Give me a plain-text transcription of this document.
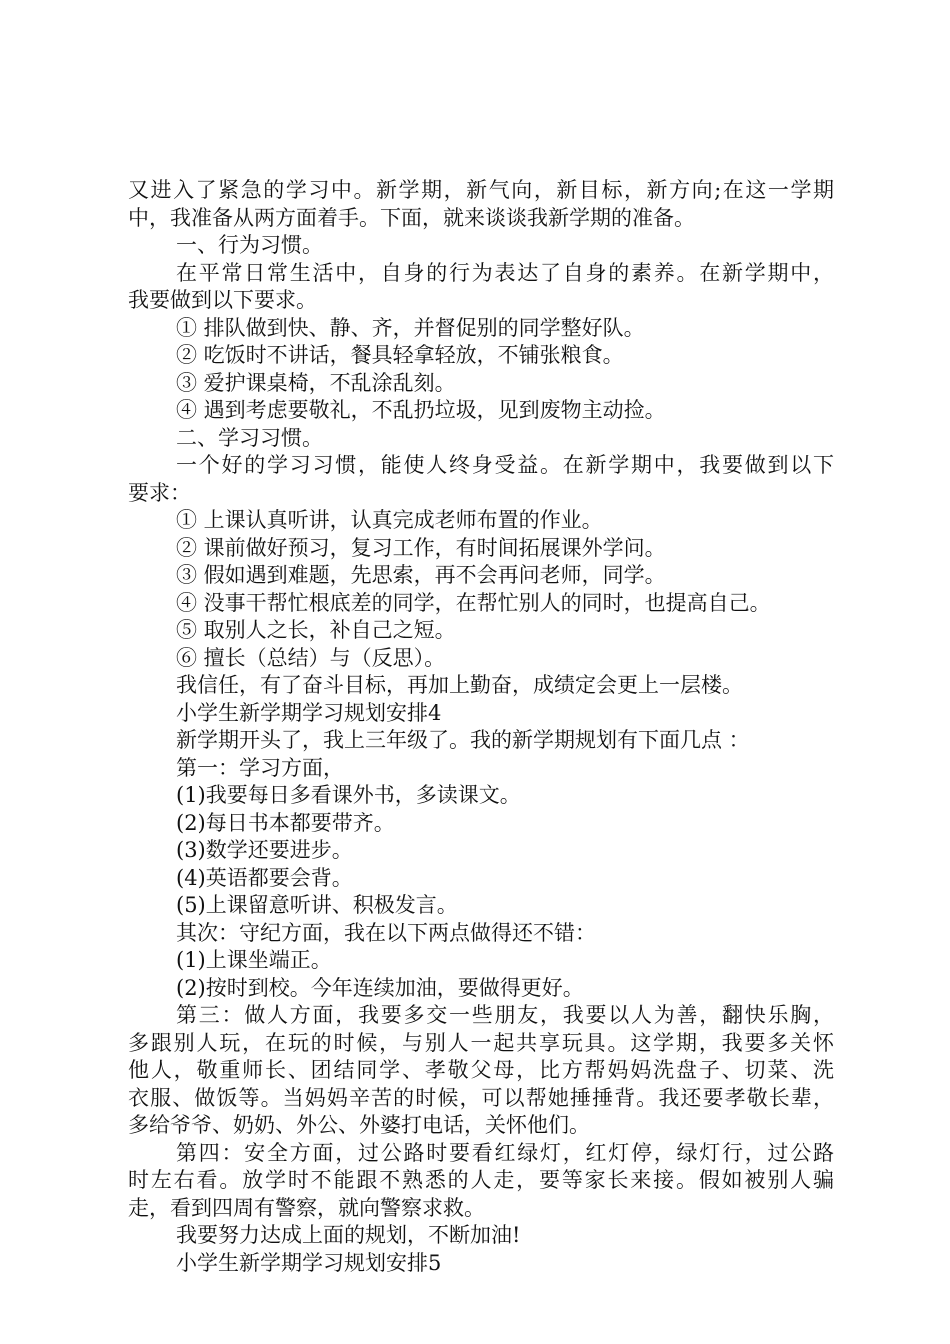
又进入了紧急的学习中。新学期，新气向，新目标，新方向;在这一学期
中，我准备从两方面着手。下面，就来谈谈我新学期的准备。
一、行为习惯。
在平常日常生活中，自身的行为表达了自身的素养。在新学期中，
我要做到以下要求。
① 排队做到快、静、齐，并督促别的同学整好队。
② 吃饭时不讲话，餐具轻拿轻放，不铺张粮食。
③ 爱护课桌椅，不乱涂乱刻。
④ 遇到考虑要敬礼，不乱扔垃圾，见到废物主动捡。
二、学习习惯。
一个好的学习习惯，能使人终身受益。在新学期中，我要做到以下
要求：
① 上课认真听讲，认真完成老师布置的作业。
② 课前做好预习，复习工作，有时间拓展课外学问。
③ 假如遇到难题，先思索，再不会再问老师，同学。
④ 没事干帮忙根底差的同学，在帮忙别人的同时，也提高自己。
⑤ 取别人之长，补自己之短。
⑥ 擅长（总结）与（反思）。
我信任，有了奋斗目标，再加上勤奋，成绩定会更上一层楼。
小学生新学期学习规划安排4
新学期开头了，我上三年级了。我的新学期规划有下面几点 ：
第一：学习方面，
(1)我要每日多看课外书，多读课文。
(2)每日书本都要带齐。
(3)数学还要进步。
(4)英语都要会背。
(5)上课留意听讲、积极发言。
其次：守纪方面，我在以下两点做得还不错：
(1)上课坐端正。
(2)按时到校。今年连续加油，要做得更好。
第三：做人方面，我要多交一些朋友，我要以人为善，翻快乐胸，
多跟别人玩，在玩的时候，与别人一起共享玩具。这学期，我要多关怀
他人，敬重师长、团结同学、孝敬父母，比方帮妈妈洗盘子、切菜、洗
衣服、做饭等。当妈妈辛苦的时候，可以帮她捶捶背。我还要孝敬长辈，
多给爷爷、奶奶、外公、外婆打电话，关怀他们。
第四：安全方面，过公路时要看红绿灯，红灯停，绿灯行，过公路
时左右看。放学时不能跟不熟悉的人走，要等家长来接。假如被别人骗
走，看到四周有警察，就向警察求救。
我要努力达成上面的规划，不断加油!
小学生新学期学习规划安排5
